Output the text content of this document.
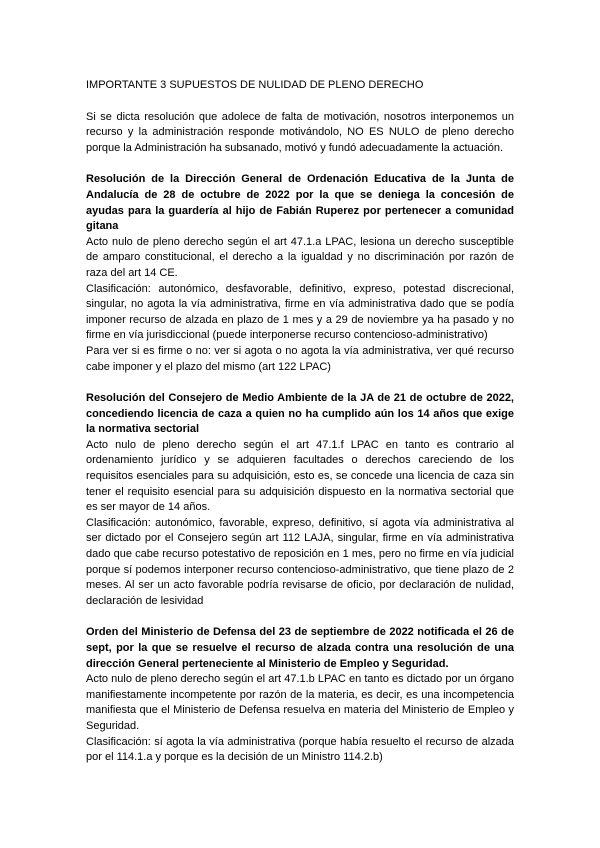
IMPORTANTE 3 SUPUESTOS DE NULIDAD DE PLENO DERECHO

Si se dicta resolución que adolece de falta de motivación, nosotros interponemos un recurso y la administración responde motivándolo, NO ES NULO de pleno derecho porque la Administración ha subsanado, motivó y fundó adecuadamente la actuación.

Resolución de la Dirección General de Ordenación Educativa de la Junta de Andalucía de 28 de octubre de 2022 por la que se deniega la concesión de ayudas para la guardería al hijo de Fabián Ruperez por pertenecer a comunidad gitana

Acto nulo de pleno derecho según el art 47.1.a LPAC, lesiona un derecho susceptible de amparo constitucional, el derecho a la igualdad y no discriminación por razón de raza del art 14 CE.

Clasificación: autonómico, desfavorable, definitivo, expreso, potestad discrecional, singular, no agota la vía administrativa, firme en vía administrativa dado que se podía imponer recurso de alzada en plazo de 1 mes y a 29 de noviembre ya ha pasado y no firme en vía jurisdiccional (puede interponerse recurso contencioso-administrativo)

Para ver si es firme o no: ver si agota o no agota la vía administrativa, ver qué recurso cabe imponer y el plazo del mismo (art 122 LPAC)

Resolución del Consejero de Medio Ambiente de la JA de 21 de octubre de 2022, concediendo licencia de caza a quien no ha cumplido aún los 14 años que exige la normativa sectorial

Acto nulo de pleno derecho según el art 47.1.f LPAC en tanto es contrario al ordenamiento jurídico y se adquieren facultades o derechos careciendo de los requisitos esenciales para su adquisición, esto es, se concede una licencia de caza sin tener el requisito esencial para su adquisición dispuesto en la normativa sectorial que es ser mayor de 14 años.

Clasificación: autonómico, favorable, expreso, definitivo, sí agota vía administrativa al ser dictado por el Consejero según art 112 LAJA, singular, firme en vía administrativa dado que cabe recurso potestativo de reposición en 1 mes, pero no firme en vía judicial porque sí podemos interponer recurso contencioso-administrativo, que tiene plazo de 2 meses. Al ser un acto favorable podría revisarse de oficio, por declaración de nulidad, declaración de lesividad

Orden del Ministerio de Defensa del 23 de septiembre de 2022 notificada el 26 de sept, por la que se resuelve el recurso de alzada contra una resolución de una dirección General perteneciente al Ministerio de Empleo y Seguridad.

Acto nulo de pleno derecho según el art 47.1.b LPAC en tanto es dictado por un órgano manifiestamente incompetente por razón de la materia, es decir, es una incompetencia manifiesta que el Ministerio de Defensa resuelva en materia del Ministerio de Empleo y Seguridad.

Clasificación: sí agota la vía administrativa (porque había resuelto el recurso de alzada por el 114.1.a y porque es la decisión de un Ministro 114.2.b)
